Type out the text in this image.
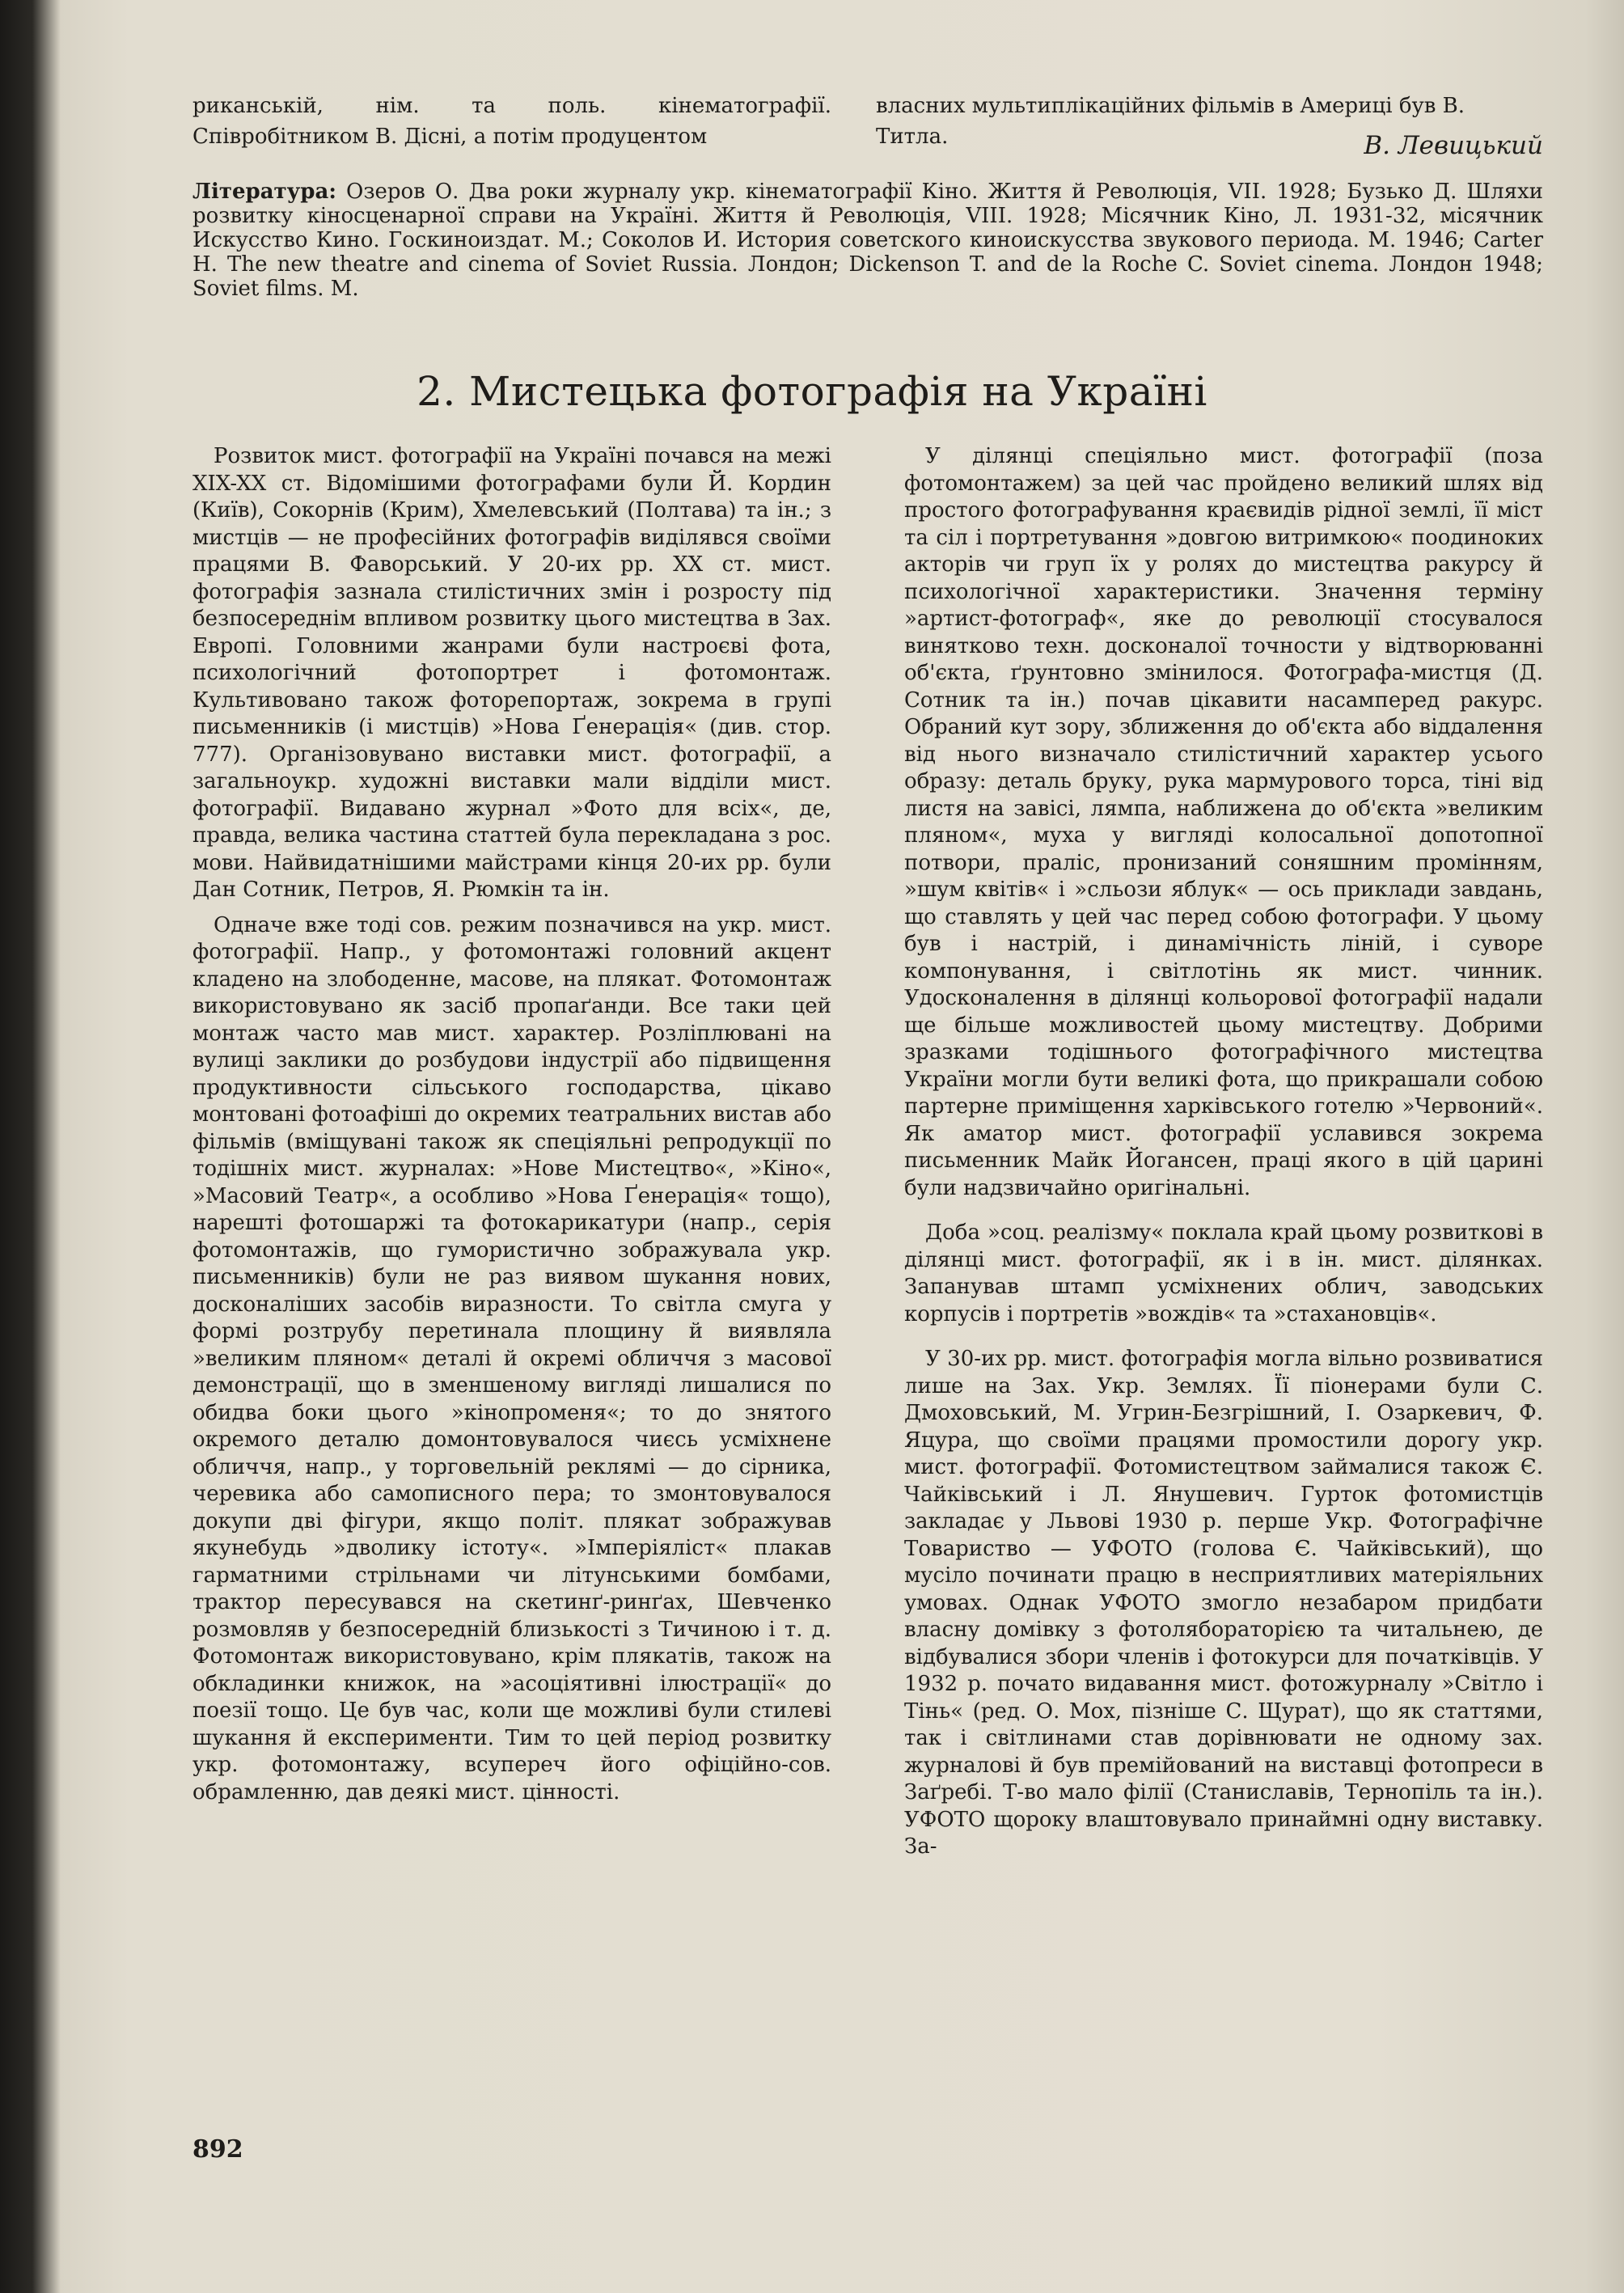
риканській, нім. та поль. кінематографії. Співробітником В. Дісні, а потім продуцентом
власних мультиплікаційних фільмів в Америці був В. Титла.	В. Левицький
Література: Озеров О. Два роки журналу укр. кінематографії Кіно. Життя й Революція, VII. 1928; Бузько Д. Шляхи розвитку кіносценарної справи на Україні. Життя й Революція, VIII. 1928; Місячник Кіно, Л. 1931-32, місячник Искусство Кино. Госкиноиздат. М.; Соколов И. История советского киноискусства звукового периода. М. 1946; Carter H. The new theatre and cinema of Soviet Russia. Лондон; Dickenson T. and de la Roche C. Soviet cinema. Лондон 1948; Soviet films. М.
2. Мистецька фотографія на Україні

Розвиток мист. фотографії на Україні почався на межі XIX-XX ст. Відомішими фотографами були Й. Кордин (Київ), Сокорнів (Крим), Хмелевський (Полтава) та ін.; з мистців — не професійних фотографів виділявся своїми працями В. Фаворський. У 20-их рр. XX ст. мист. фотографія зазнала стилістичних змін і розросту під безпосереднім впливом розвитку цього мистецтва в Зах. Европі. Головними жанрами були настроєві фота, психологічний фотопортрет і фотомонтаж. Культивовано також фоторепортаж, зокрема в групі письменників (і мистців) »Нова Ґенерація« (див. стор. 777). Організовувано виставки мист. фотографії, а загальноукр. художні виставки мали відділи мист. фотографії. Видавано журнал »Фото для всіх«, де, правда, велика частина статтей була перекладана з рос. мови. Найвидатнішими майстрами кінця 20-их рр. були Дан Сотник, Петров, Я. Рюмкін та ін.

Одначе вже тоді сов. режим позначився на укр. мист. фотографії. Напр., у фотомонтажі головний акцент кладено на злободенне, масове, на плякат. Фотомонтаж використовувано як засіб пропаґанди. Все таки цей монтаж часто мав мист. характер. Розліплювані на вулиці заклики до розбудови індустрії або підвищення продуктивности сільського господарства, цікаво монтовані фотоафіші до окремих театральних вистав або фільмів (вміщувані також як спеціяльні репродукції по тодішніх мист. журналах: »Нове Мистецтво«, »Кіно«, »Масовий Театр«, а особливо »Нова Ґенерація« тощо), нарешті фотошаржі та фотокарикатури (напр., серія фотомонтажів, що гумористично зображувала укр. письменників) були не раз виявом шукання нових, досконаліших засобів виразности. То світла смуга у формі розтрубу перетинала площину й виявляла »великим пляном« деталі й окремі обличчя з масової демонстрації, що в зменшеному вигляді лишалися по обидва боки цього »кінопроменя«; то до знятого окремого деталю домонтовувалося чиєсь усміхнене обличчя, напр., у торговельній реклямі — до сірника, черевика або самописного пера; то змонтовувалося докупи дві фігури, якщо політ. плякат зображував якунебудь »дволику істоту«. »Імперіяліст« плакав гарматними стрільнами чи літунськими бомбами, трактор пересувався на скетинґ-ринґах, Шевченко розмовляв у безпосередній близькості з Тичиною і т. д. Фотомонтаж використовувано, крім плякатів, також на обкладинки книжок, на »асоціятивні ілюстрації« до поезії тощо. Це був час, коли ще можливі були стилеві шукання й експерименти. Тим то цей період розвитку укр. фотомонтажу, всупереч його офіційно-сов. обрамленню, дав деякі мист. цінності.

У ділянці спеціяльно мист. фотографії (поза фотомонтажем) за цей час пройдено великий шлях від простого фотографування краєвидів рідної землі, її міст та сіл і портретування »довгою витримкою« поодиноких акторів чи груп їх у ролях до мистецтва ракурсу й психологічної характеристики. Значення терміну »артист-фотограф«, яке до революції стосувалося винятково техн. досконалої точности у відтворюванні об'єкта, ґрунтовно змінилося. Фотографа-мистця (Д. Сотник та ін.) почав цікавити насамперед ракурс. Обраний кут зору, зближення до об'єкта або віддалення від нього визначало стилістичний характер усього образу: деталь бруку, рука мармурового торса, тіні від листя на завісі, лямпа, наближена до об'єкта »великим пляном«, муха у вигляді колосальної допотопної потвори, праліс, пронизаний соняшним промінням, »шум квітів« і »сльози яблук« — ось приклади завдань, що ставлять у цей час перед собою фотографи. У цьому був і настрій, і динамічність ліній, і суворе компонування, і світлотінь як мист. чинник. Удосконалення в ділянці кольорової фотографії надали ще більше можливостей цьому мистецтву. Добрими зразками тодішнього фотографічного мистецтва України могли бути великі фота, що прикрашали собою партерне приміщення харківського готелю »Червоний«. Як аматор мист. фотографії уславився зокрема письменник Майк Йогансен, праці якого в цій царині були надзвичайно оригінальні.

Доба »соц. реалізму« поклала край цьому розвиткові в ділянці мист. фотографії, як і в ін. мист. ділянках. Запанував штамп усміхнених облич, заводських корпусів і портретів »вождів« та »стахановців«.

У 30-их рр. мист. фотографія могла вільно розвиватися лише на Зах. Укр. Землях. Її піонерами були С. Дмоховський, М. Угрин-Безгрішний, І. Озаркевич, Ф. Яцура, що своїми працями промостили дорогу укр. мист. фотографії. Фотомистецтвом займалися також Є. Чайківський і Л. Янушевич. Гурток фотомистців закладає у Львові 1930 р. перше Укр. Фотографічне Товариство — УФОТО (голова Є. Чайківський), що мусіло починати працю в несприятливих матеріяльних умовах. Однак УФОТО змогло незабаром придбати власну домівку з фотолябораторією та читальнею, де відбувалися збори членів і фотокурси для початківців. У 1932 р. почато видавання мист. фотожурналу »Світло і Тінь« (ред. О. Мох, пізніше С. Щурат), що як статтями, так і світлинами став дорівнювати не одному зах. журналові й був премійований на виставці фотопреси в Заґребі. Т-во мало філії (Станиславів, Тернопіль та ін.). УФОТО щороку влаштовувало принаймні одну виставку. За-

892
